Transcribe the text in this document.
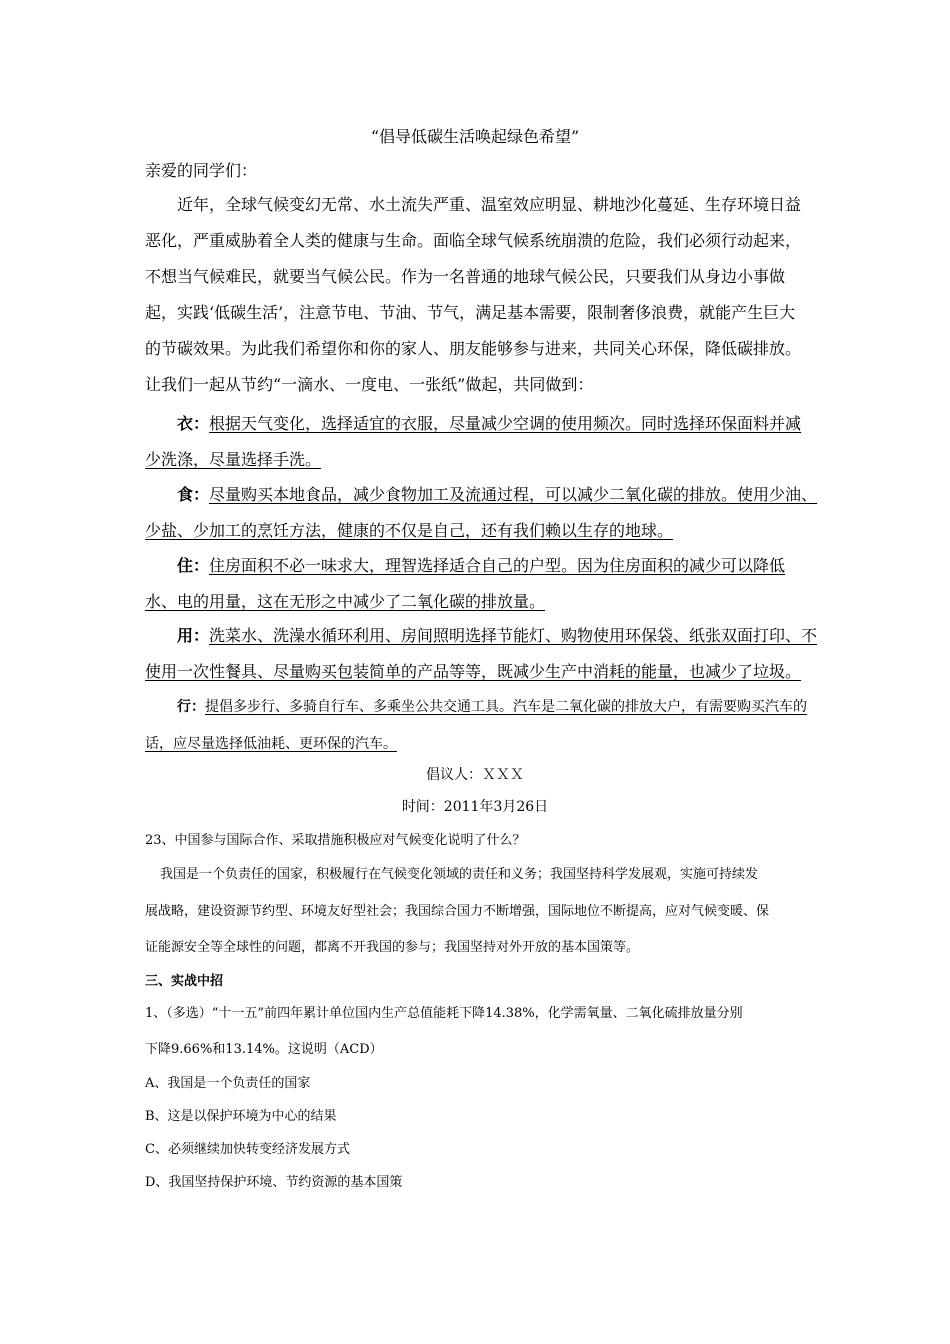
“倡导低碳生活唤起绿色希望”
亲爱的同学们：
近年，全球气候变幻无常、水土流失严重、温室效应明显、耕地沙化蔓延、生存环境日益
恶化，严重威胁着全人类的健康与生命。面临全球气候系统崩溃的危险，我们必须行动起来，
不想当气候难民，就要当气候公民。作为一名普通的地球气候公民，只要我们从身边小事做
起，实践‘低碳生活’，注意节电、节油、节气，满足基本需要，限制奢侈浪费，就能产生巨大
的节碳效果。为此我们希望你和你的家人、朋友能够参与进来，共同关心环保，降低碳排放。
让我们一起从节约“一滴水、一度电、一张纸”做起，共同做到：
衣：根据天气变化，选择适宜的衣服，尽量减少空调的使用频次。同时选择环保面料并减
少洗涤，尽量选择手洗。
食：尽量购买本地食品，减少食物加工及流通过程，可以减少二氧化碳的排放。使用少油、
少盐、少加工的烹饪方法，健康的不仅是自己，还有我们赖以生存的地球。
住：住房面积不必一味求大，理智选择适合自己的户型。因为住房面积的减少可以降低
水、电的用量，这在无形之中减少了二氧化碳的排放量。
用：洗菜水、洗澡水循环利用、房间照明选择节能灯、购物使用环保袋、纸张双面打印、不
使用一次性餐具、尽量购买包装简单的产品等等，既减少生产中消耗的能量，也减少了垃圾。
行：提倡多步行、多骑自行车、多乘坐公共交通工具。汽车是二氧化碳的排放大户，有需要购买汽车的
话，应尽量选择低油耗、更环保的汽车。
倡议人：ＸＸＸ
时间：2011年3月26日
23、中国参与国际合作、采取措施积极应对气候变化说明了什么？
我国是一个负责任的国家，积极履行在气候变化领域的责任和义务；我国坚持科学发展观，实施可持续发
展战略，建设资源节约型、环境友好型社会；我国综合国力不断增强，国际地位不断提高，应对气候变暖、保
证能源安全等全球性的问题，都离不开我国的参与；我国坚持对外开放的基本国策等。
三、实战中招
1、（多选）“十一五”前四年累计单位国内生产总值能耗下降14.38%，化学需氧量、二氧化硫排放量分别
下降9.66%和13.14%。这说明（ACD）
A、我国是一个负责任的国家
B、这是以保护环境为中心的结果
C、必须继续加快转变经济发展方式
D、我国坚持保护环境、节约资源的基本国策
